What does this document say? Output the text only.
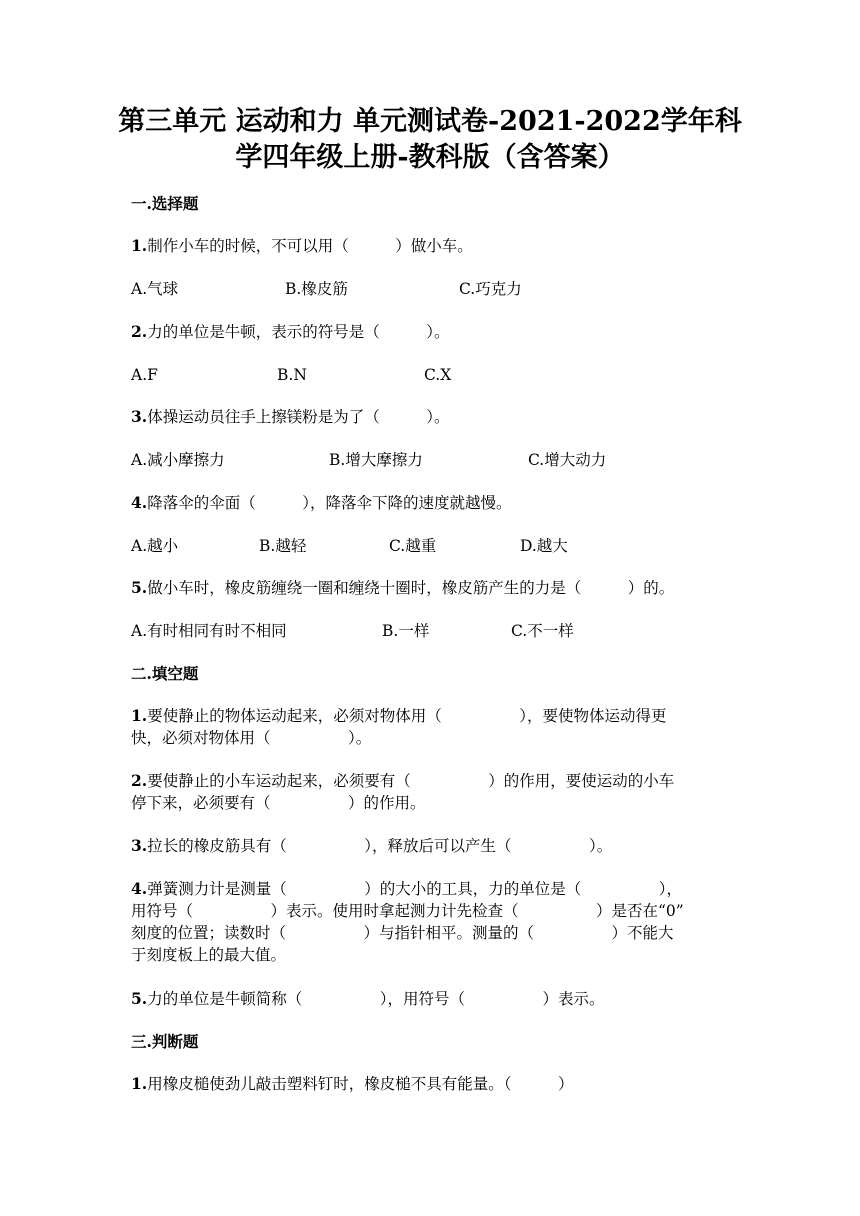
第三单元 运动和力 单元测试卷-2021-2022学年科
学四年级上册-教科版（含答案）
一.选择题
1.制作小车的时候，不可以用（　　　）做小车。
A.气球	B.橡皮筋	C.巧克力
2.力的单位是牛顿，表示的符号是（　　　）。
A.F	B.N	C.X
3.体操运动员往手上擦镁粉是为了（　　　）。
A.减小摩擦力	B.增大摩擦力	C.增大动力
4.降落伞的伞面（　　　），降落伞下降的速度就越慢。
A.越小	B.越轻	C.越重	D.越大
5.做小车时，橡皮筋缠绕一圈和缠绕十圈时，橡皮筋产生的力是（　　　）的。
A.有时相同有时不相同	B.一样	C.不一样
二.填空题
1.要使静止的物体运动起来，必须对物体用（　　　　　），要使物体运动得更
快，必须对物体用（　　　　　）。
2.要使静止的小车运动起来，必须要有（　　　　　）的作用，要使运动的小车
停下来，必须要有（　　　　　）的作用。
3.拉长的橡皮筋具有（　　　　　），释放后可以产生（　　　　　）。
4.弹簧测力计是测量（　　　　　）的大小的工具，力的单位是（　　　　　），
用符号（　　　　　）表示。使用时拿起测力计先检查（　　　　　）是否在“0”
刻度的位置；读数时（　　　　　）与指针相平。测量的（　　　　　）不能大
于刻度板上的最大值。
5.力的单位是牛顿简称（　　　　　），用符号（　　　　　）表示。
三.判断题
1.用橡皮槌使劲儿敲击塑料钉时，橡皮槌不具有能量。（　　　）
